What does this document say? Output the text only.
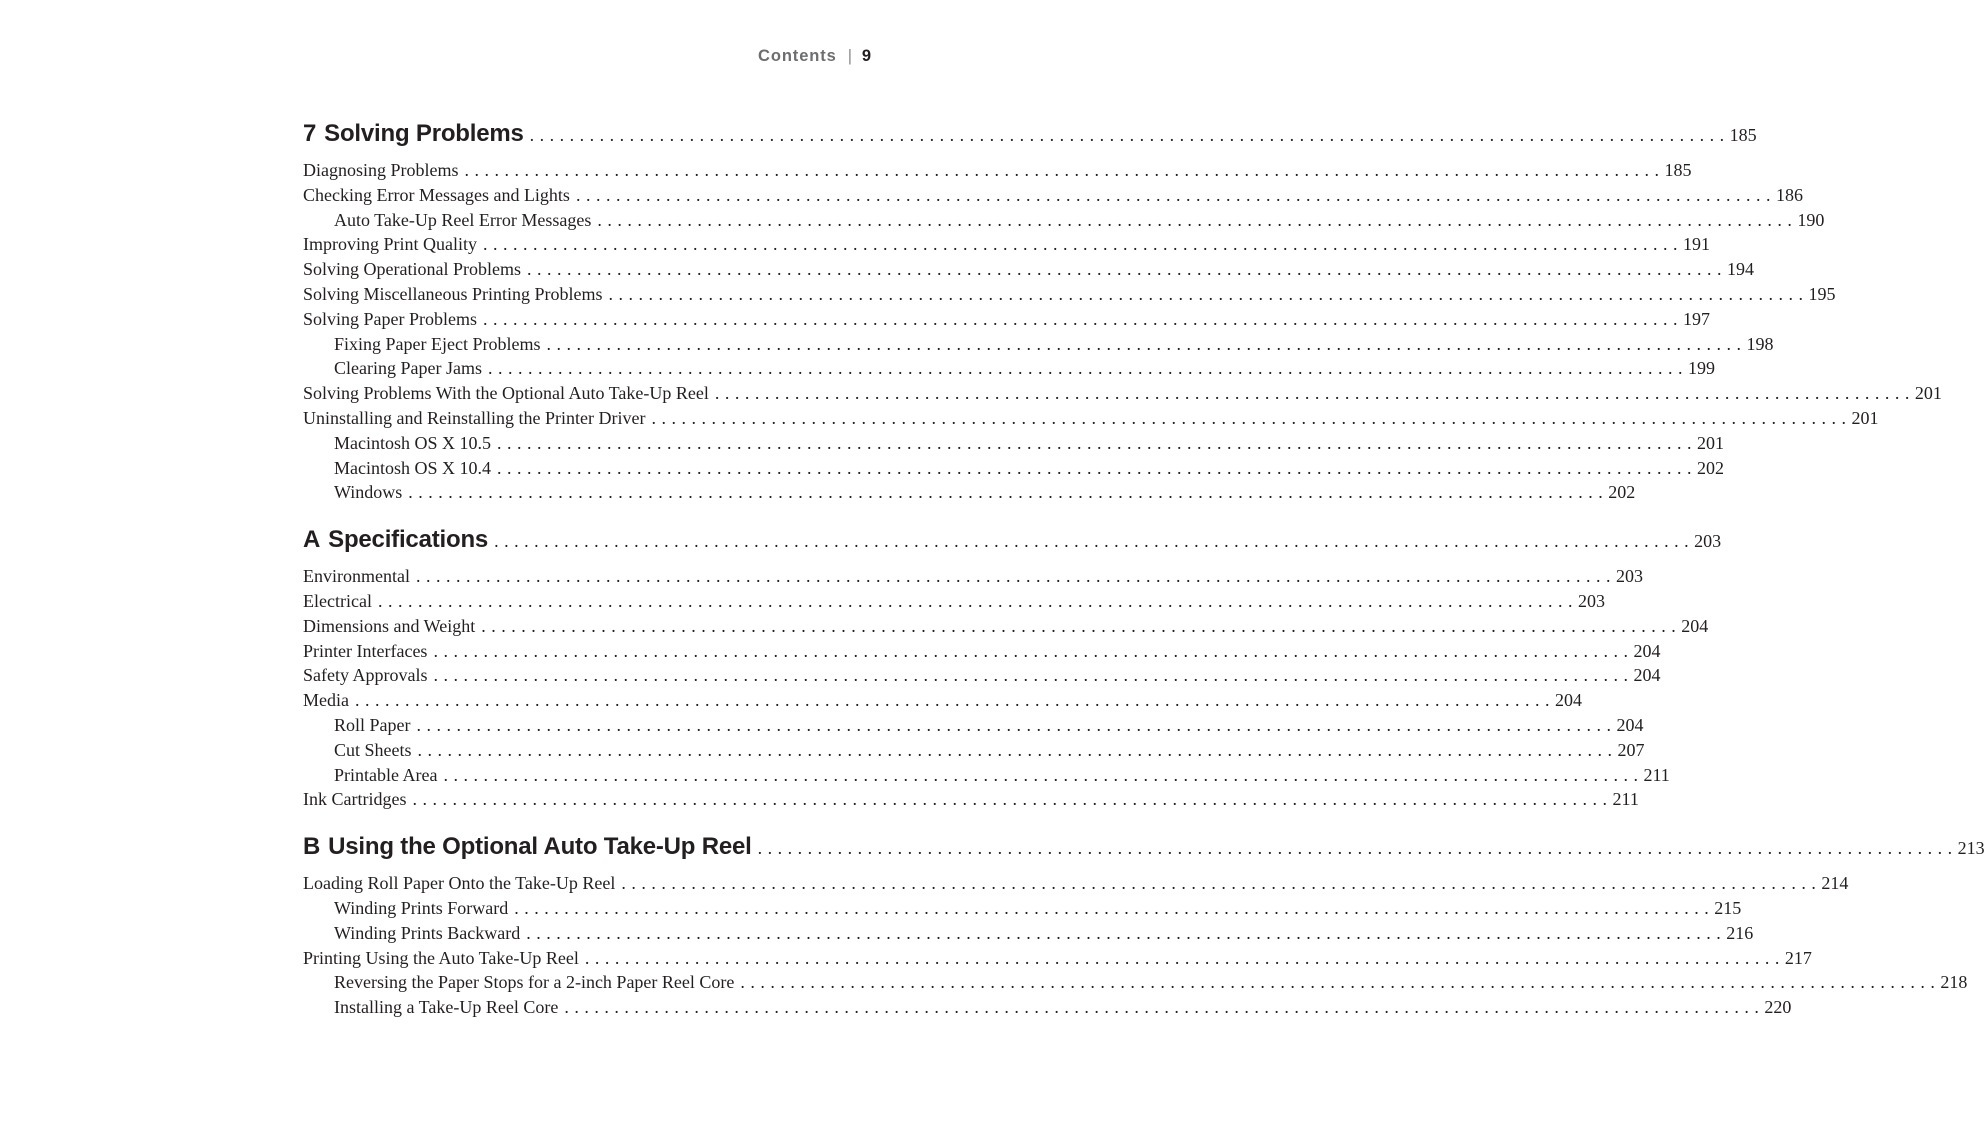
Contents | 9
7 Solving Problems . . . . . . . . . . . . . . . . . . . . . . . . . . . . . . . . . . . . . . . . . . . . . . . . . . . . . . . . . . . . . . . . . . . . . . . . . . . . . . . . . . . . . . . . . . . . . . . . . . . . . . . . . . . . . . . . . . . . . . . . 185
Diagnosing Problems . . . . . . . . . . . . . . . . . . . . . . . . . . . . . . . . . . . . . . . . . . . . . . . . . . . . . . . . . . . . . . . . . . . . . . . . . . . . . . . . . . . . . . . . . . . . . . . . . . . . . . . . . . . . . . . . . . . . . . . . 185
Checking Error Messages and Lights . . . . . . . . . . . . . . . . . . . . . . . . . . . . . . . . . . . . . . . . . . . . . . . . . . . . . . . . . . . . . . . . . . . . . . . . . . . . . . . . . . . . . . . . . . . . . . . . . . . . . . . . . . . . . . . . . . . . . . . . 186
Auto Take-Up Reel Error Messages . . . . . . . . . . . . . . . . . . . . . . . . . . . . . . . . . . . . . . . . . . . . . . . . . . . . . . . . . . . . . . . . . . . . . . . . . . . . . . . . . . . . . . . . . . . . . . . . . . . . . . . . . . . . . . . . . . . . . . . . 190
Improving Print Quality . . . . . . . . . . . . . . . . . . . . . . . . . . . . . . . . . . . . . . . . . . . . . . . . . . . . . . . . . . . . . . . . . . . . . . . . . . . . . . . . . . . . . . . . . . . . . . . . . . . . . . . . . . . . . . . . . . . . . . . . 191
Solving Operational Problems . . . . . . . . . . . . . . . . . . . . . . . . . . . . . . . . . . . . . . . . . . . . . . . . . . . . . . . . . . . . . . . . . . . . . . . . . . . . . . . . . . . . . . . . . . . . . . . . . . . . . . . . . . . . . . . . . . . . . . . . 194
Solving Miscellaneous Printing Problems . . . . . . . . . . . . . . . . . . . . . . . . . . . . . . . . . . . . . . . . . . . . . . . . . . . . . . . . . . . . . . . . . . . . . . . . . . . . . . . . . . . . . . . . . . . . . . . . . . . . . . . . . . . . . . . . . . . . . . . . 195
Solving Paper Problems . . . . . . . . . . . . . . . . . . . . . . . . . . . . . . . . . . . . . . . . . . . . . . . . . . . . . . . . . . . . . . . . . . . . . . . . . . . . . . . . . . . . . . . . . . . . . . . . . . . . . . . . . . . . . . . . . . . . . . . . 197
Fixing Paper Eject Problems . . . . . . . . . . . . . . . . . . . . . . . . . . . . . . . . . . . . . . . . . . . . . . . . . . . . . . . . . . . . . . . . . . . . . . . . . . . . . . . . . . . . . . . . . . . . . . . . . . . . . . . . . . . . . . . . . . . . . . . . 198
Clearing Paper Jams . . . . . . . . . . . . . . . . . . . . . . . . . . . . . . . . . . . . . . . . . . . . . . . . . . . . . . . . . . . . . . . . . . . . . . . . . . . . . . . . . . . . . . . . . . . . . . . . . . . . . . . . . . . . . . . . . . . . . . . . 199
Solving Problems With the Optional Auto Take-Up Reel . . . . . . . . . . . . . . . . . . . . . . . . . . . . . . . . . . . . . . . . . . . . . . . . . . . . . . . . . . . . . . . . . . . . . . . . . . . . . . . . . . . . . . . . . . . . . . . . . . . . . . . . . . . . . . . . . . . . . . . . 201
Uninstalling and Reinstalling the Printer Driver . . . . . . . . . . . . . . . . . . . . . . . . . . . . . . . . . . . . . . . . . . . . . . . . . . . . . . . . . . . . . . . . . . . . . . . . . . . . . . . . . . . . . . . . . . . . . . . . . . . . . . . . . . . . . . . . . . . . . . . . 201
Macintosh OS X 10.5 . . . . . . . . . . . . . . . . . . . . . . . . . . . . . . . . . . . . . . . . . . . . . . . . . . . . . . . . . . . . . . . . . . . . . . . . . . . . . . . . . . . . . . . . . . . . . . . . . . . . . . . . . . . . . . . . . . . . . . . . 201
Macintosh OS X 10.4 . . . . . . . . . . . . . . . . . . . . . . . . . . . . . . . . . . . . . . . . . . . . . . . . . . . . . . . . . . . . . . . . . . . . . . . . . . . . . . . . . . . . . . . . . . . . . . . . . . . . . . . . . . . . . . . . . . . . . . . . 202
Windows . . . . . . . . . . . . . . . . . . . . . . . . . . . . . . . . . . . . . . . . . . . . . . . . . . . . . . . . . . . . . . . . . . . . . . . . . . . . . . . . . . . . . . . . . . . . . . . . . . . . . . . . . . . . . . . . . . . . . . . . 202
A Specifications . . . . . . . . . . . . . . . . . . . . . . . . . . . . . . . . . . . . . . . . . . . . . . . . . . . . . . . . . . . . . . . . . . . . . . . . . . . . . . . . . . . . . . . . . . . . . . . . . . . . . . . . . . . . . . . . . . . . . . . . 203
Environmental . . . . . . . . . . . . . . . . . . . . . . . . . . . . . . . . . . . . . . . . . . . . . . . . . . . . . . . . . . . . . . . . . . . . . . . . . . . . . . . . . . . . . . . . . . . . . . . . . . . . . . . . . . . . . . . . . . . . . . . . 203
Electrical . . . . . . . . . . . . . . . . . . . . . . . . . . . . . . . . . . . . . . . . . . . . . . . . . . . . . . . . . . . . . . . . . . . . . . . . . . . . . . . . . . . . . . . . . . . . . . . . . . . . . . . . . . . . . . . . . . . . . . . . 203
Dimensions and Weight . . . . . . . . . . . . . . . . . . . . . . . . . . . . . . . . . . . . . . . . . . . . . . . . . . . . . . . . . . . . . . . . . . . . . . . . . . . . . . . . . . . . . . . . . . . . . . . . . . . . . . . . . . . . . . . . . . . . . . . . 204
Printer Interfaces . . . . . . . . . . . . . . . . . . . . . . . . . . . . . . . . . . . . . . . . . . . . . . . . . . . . . . . . . . . . . . . . . . . . . . . . . . . . . . . . . . . . . . . . . . . . . . . . . . . . . . . . . . . . . . . . . . . . . . . . 204
Safety Approvals . . . . . . . . . . . . . . . . . . . . . . . . . . . . . . . . . . . . . . . . . . . . . . . . . . . . . . . . . . . . . . . . . . . . . . . . . . . . . . . . . . . . . . . . . . . . . . . . . . . . . . . . . . . . . . . . . . . . . . . . 204
Media . . . . . . . . . . . . . . . . . . . . . . . . . . . . . . . . . . . . . . . . . . . . . . . . . . . . . . . . . . . . . . . . . . . . . . . . . . . . . . . . . . . . . . . . . . . . . . . . . . . . . . . . . . . . . . . . . . . . . . . . 204
Roll Paper . . . . . . . . . . . . . . . . . . . . . . . . . . . . . . . . . . . . . . . . . . . . . . . . . . . . . . . . . . . . . . . . . . . . . . . . . . . . . . . . . . . . . . . . . . . . . . . . . . . . . . . . . . . . . . . . . . . . . . . . 204
Cut Sheets . . . . . . . . . . . . . . . . . . . . . . . . . . . . . . . . . . . . . . . . . . . . . . . . . . . . . . . . . . . . . . . . . . . . . . . . . . . . . . . . . . . . . . . . . . . . . . . . . . . . . . . . . . . . . . . . . . . . . . . . 207
Printable Area . . . . . . . . . . . . . . . . . . . . . . . . . . . . . . . . . . . . . . . . . . . . . . . . . . . . . . . . . . . . . . . . . . . . . . . . . . . . . . . . . . . . . . . . . . . . . . . . . . . . . . . . . . . . . . . . . . . . . . . . 211
Ink Cartridges . . . . . . . . . . . . . . . . . . . . . . . . . . . . . . . . . . . . . . . . . . . . . . . . . . . . . . . . . . . . . . . . . . . . . . . . . . . . . . . . . . . . . . . . . . . . . . . . . . . . . . . . . . . . . . . . . . . . . . . . 211
B Using the Optional Auto Take-Up Reel . . . . . . . . . . . . . . . . . . . . . . . . . . . . . . . . . . . . . . . . . . . . . . . . . . . . . . . . . . . . . . . . . . . . . . . . . . . . . . . . . . . . . . . . . . . . . . . . . . . . . . . . . . . . . . . . . . . . . . . . 213
Loading Roll Paper Onto the Take-Up Reel . . . . . . . . . . . . . . . . . . . . . . . . . . . . . . . . . . . . . . . . . . . . . . . . . . . . . . . . . . . . . . . . . . . . . . . . . . . . . . . . . . . . . . . . . . . . . . . . . . . . . . . . . . . . . . . . . . . . . . . . 214
Winding Prints Forward . . . . . . . . . . . . . . . . . . . . . . . . . . . . . . . . . . . . . . . . . . . . . . . . . . . . . . . . . . . . . . . . . . . . . . . . . . . . . . . . . . . . . . . . . . . . . . . . . . . . . . . . . . . . . . . . . . . . . . . . 215
Winding Prints Backward . . . . . . . . . . . . . . . . . . . . . . . . . . . . . . . . . . . . . . . . . . . . . . . . . . . . . . . . . . . . . . . . . . . . . . . . . . . . . . . . . . . . . . . . . . . . . . . . . . . . . . . . . . . . . . . . . . . . . . . . 216
Printing Using the Auto Take-Up Reel . . . . . . . . . . . . . . . . . . . . . . . . . . . . . . . . . . . . . . . . . . . . . . . . . . . . . . . . . . . . . . . . . . . . . . . . . . . . . . . . . . . . . . . . . . . . . . . . . . . . . . . . . . . . . . . . . . . . . . . . 217
Reversing the Paper Stops for a 2-inch Paper Reel Core . . . . . . . . . . . . . . . . . . . . . . . . . . . . . . . . . . . . . . . . . . . . . . . . . . . . . . . . . . . . . . . . . . . . . . . . . . . . . . . . . . . . . . . . . . . . . . . . . . . . . . . . . . . . . . . . . . . . . . . . 218
Installing a Take-Up Reel Core . . . . . . . . . . . . . . . . . . . . . . . . . . . . . . . . . . . . . . . . . . . . . . . . . . . . . . . . . . . . . . . . . . . . . . . . . . . . . . . . . . . . . . . . . . . . . . . . . . . . . . . . . . . . . . . . . . . . . . . . 220
